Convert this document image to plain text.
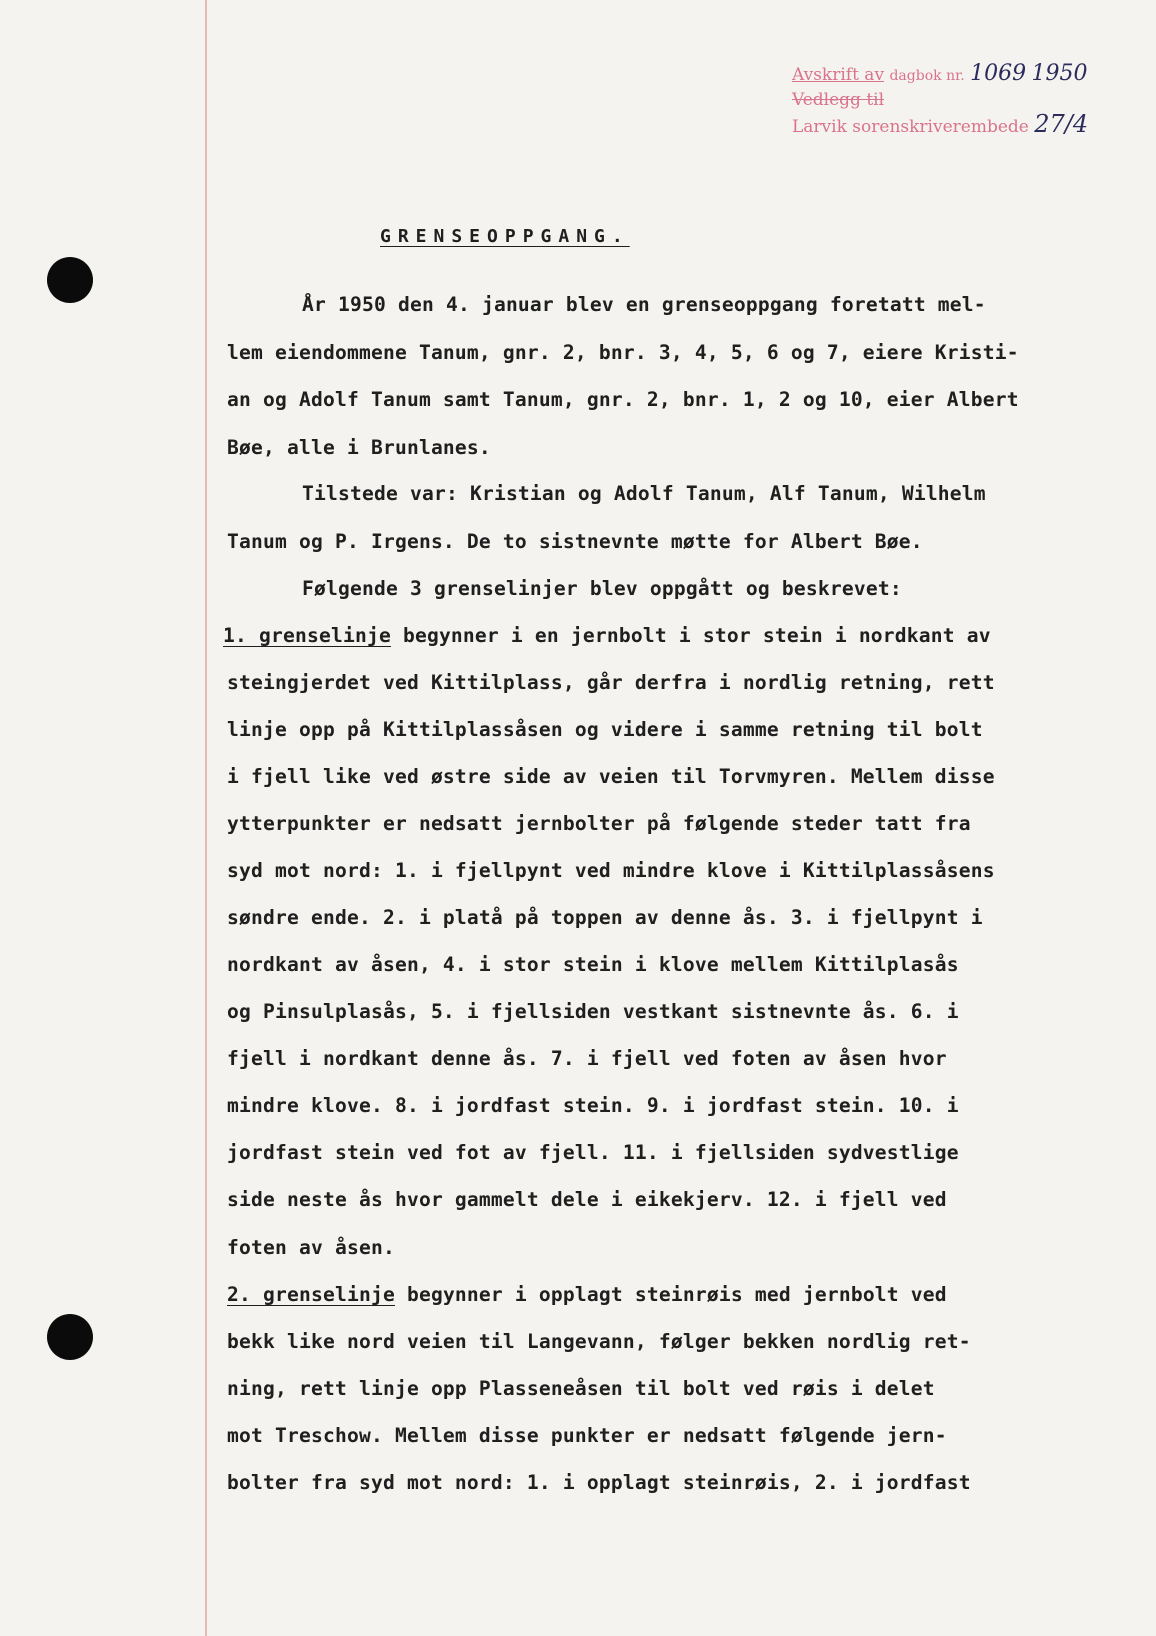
Avskrift av dagbok nr. 1069 1950
Vedlegg til
Larvik sorenskriverembede 27/4
GRENSEOPPGANG.
År 1950 den 4. januar blev en grenseoppgang foretatt mel-
lem eiendommene Tanum, gnr. 2, bnr. 3, 4, 5, 6 og 7, eiere Kristi-
an og Adolf Tanum samt Tanum, gnr. 2, bnr. 1, 2 og 10, eier Albert
Bøe, alle i Brunlanes.
Tilstede var: Kristian og Adolf Tanum, Alf Tanum, Wilhelm
Tanum og P. Irgens. De to sistnevnte møtte for Albert Bøe.
Følgende 3 grenselinjer blev oppgått og beskrevet:
1. grenselinje begynner i en jernbolt i stor stein i nordkant av
steingjerdet ved Kittilplass, går derfra i nordlig retning, rett
linje opp på Kittilplassåsen og videre i samme retning til bolt
i fjell like ved østre side av veien til Torvmyren. Mellem disse
ytterpunkter er nedsatt jernbolter på følgende steder tatt fra
syd mot nord: 1. i fjellpynt ved mindre klove i Kittilplassåsens
søndre ende. 2. i platå på toppen av denne ås. 3. i fjellpynt i
nordkant av åsen, 4. i stor stein i klove mellem Kittilplasås
og Pinsulplasås, 5. i fjellsiden vestkant sistnevnte ås. 6. i
fjell i nordkant denne ås. 7. i fjell ved foten av åsen hvor
mindre klove. 8. i jordfast stein. 9. i jordfast stein. 10. i
jordfast stein ved fot av fjell. 11. i fjellsiden sydvestlige
side neste ås hvor gammelt dele i eikekjerv. 12. i fjell ved
foten av åsen.
2. grenselinje begynner i opplagt steinrøis med jernbolt ved
bekk like nord veien til Langevann, følger bekken nordlig ret-
ning, rett linje opp Plasseneåsen til bolt ved røis i delet
mot Treschow. Mellem disse punkter er nedsatt følgende jern-
bolter fra syd mot nord: 1. i opplagt steinrøis, 2. i jordfast
